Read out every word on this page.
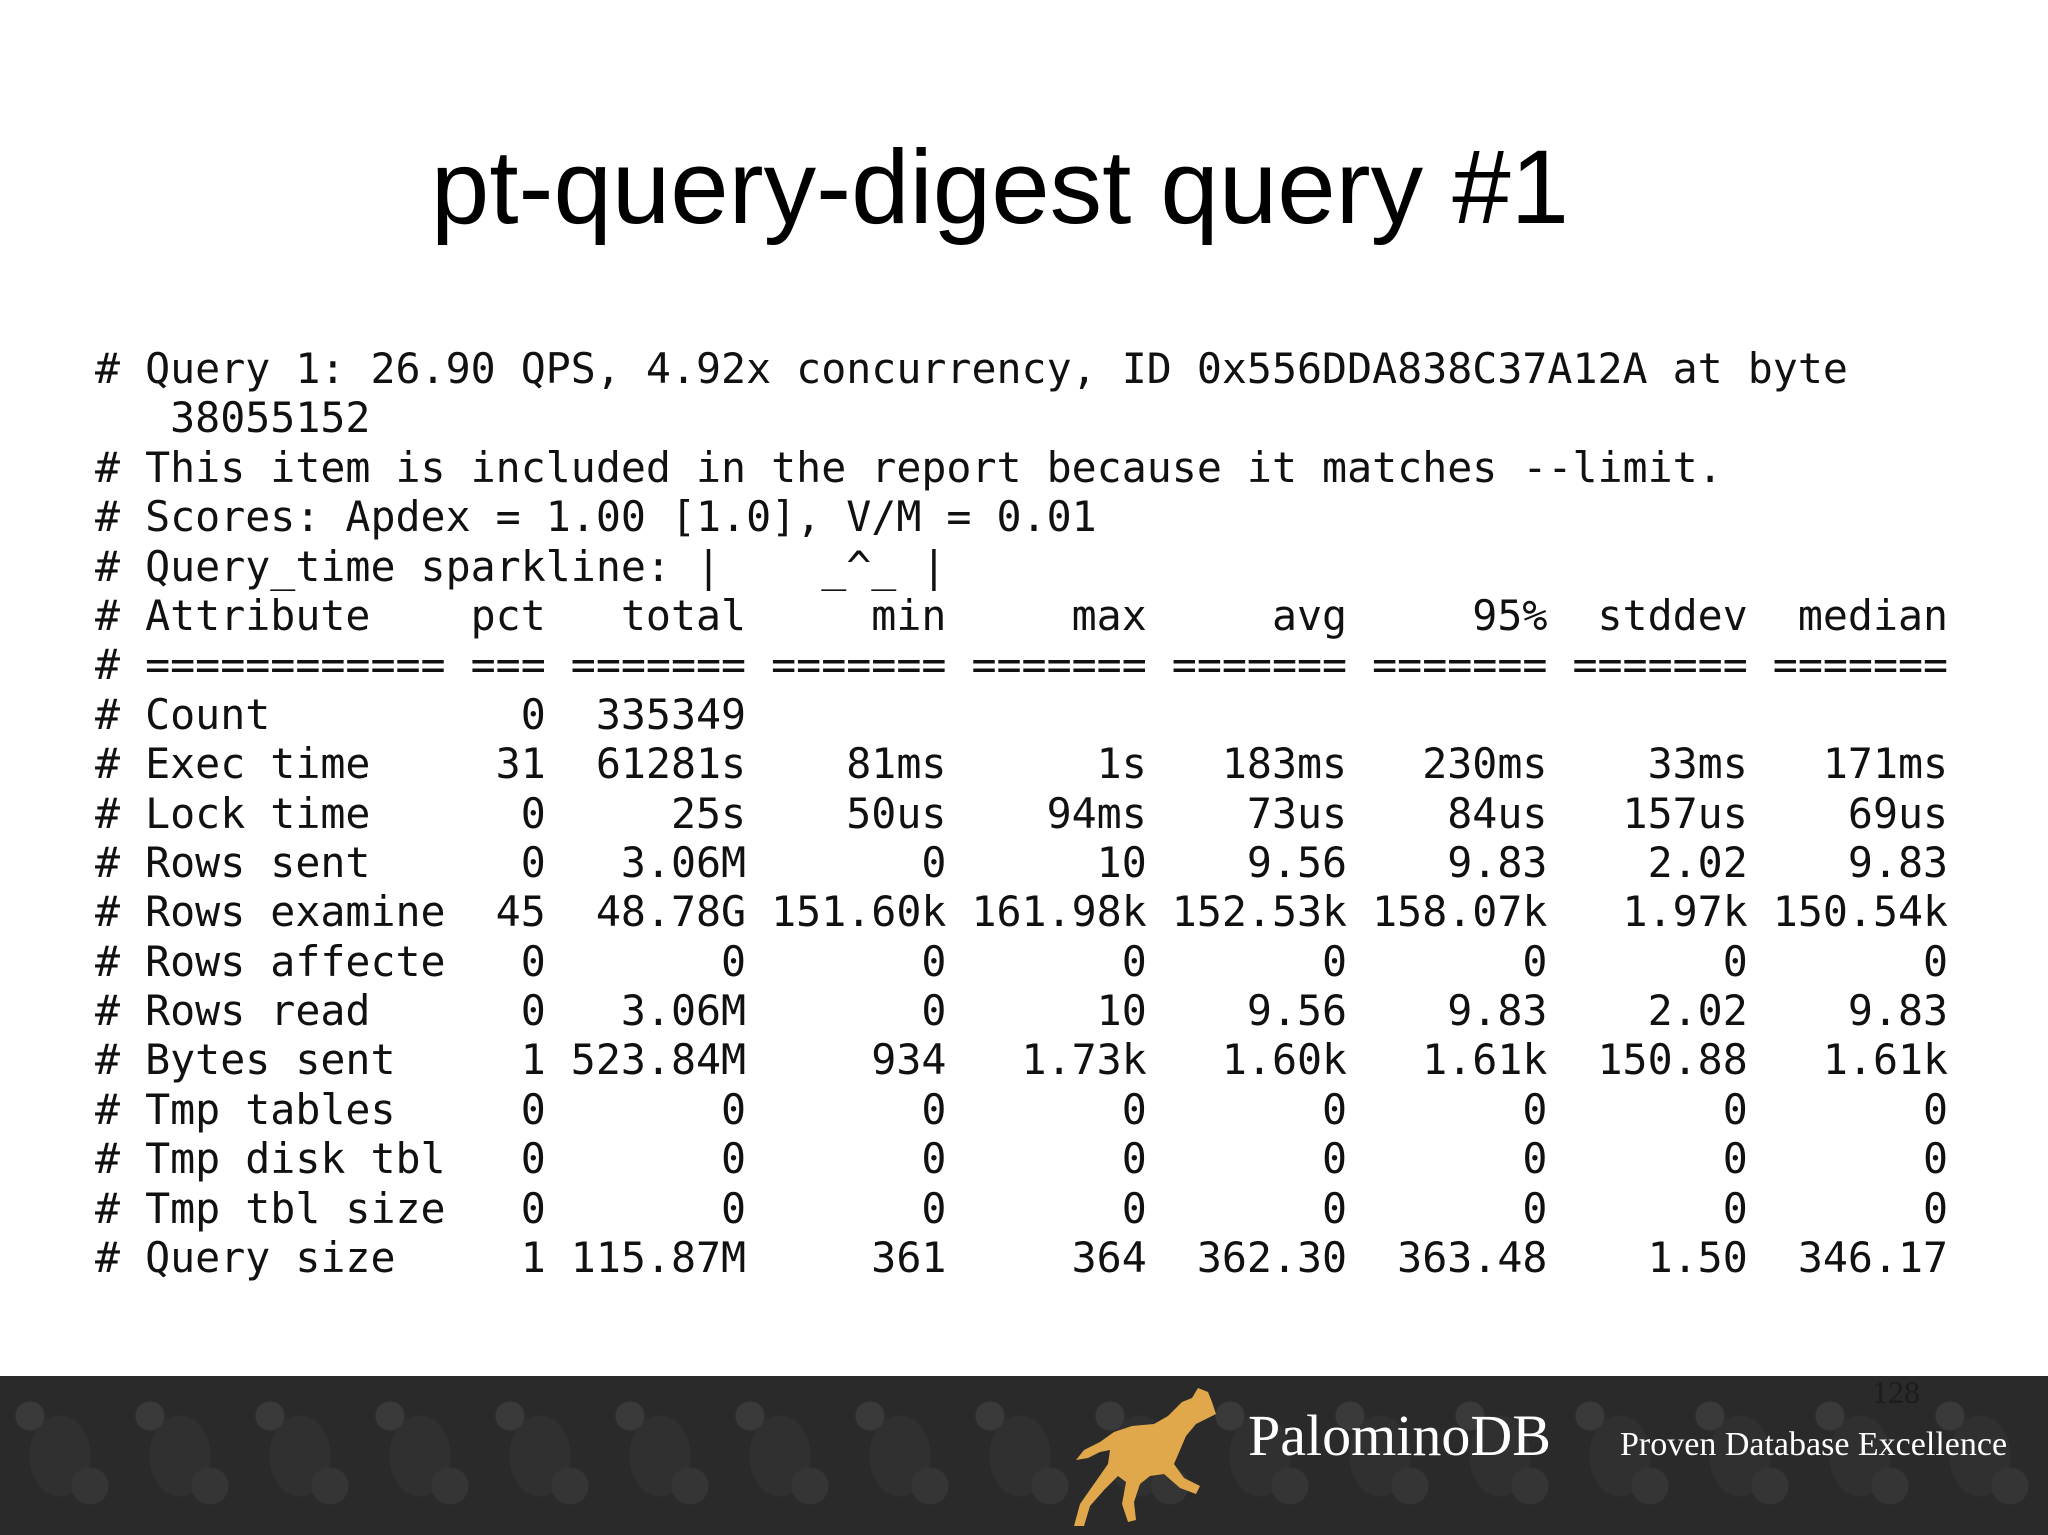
pt-query-digest query #1
# Query 1: 26.90 QPS, 4.92x concurrency, ID 0x556DDA838C37A12A at byte
38055152
# This item is included in the report because it matches --limit.
# Scores: Apdex = 1.00 [1.0], V/M = 0.01
# Query_time sparkline: |    _^_ |
# Attribute    pct   total     min     max     avg     95%  stddev  median
# ============ === ======= ======= ======= ======= ======= ======= =======
# Count          0  335349
# Exec time     31  61281s    81ms      1s   183ms   230ms    33ms   171ms
# Lock time      0     25s    50us    94ms    73us    84us   157us    69us
# Rows sent      0   3.06M       0      10    9.56    9.83    2.02    9.83
# Rows examine  45  48.78G 151.60k 161.98k 152.53k 158.07k   1.97k 150.54k
# Rows affecte   0       0       0       0       0       0       0       0
# Rows read      0   3.06M       0      10    9.56    9.83    2.02    9.83
# Bytes sent     1 523.84M     934   1.73k   1.60k   1.61k  150.88   1.61k
# Tmp tables     0       0       0       0       0       0       0       0
# Tmp disk tbl   0       0       0       0       0       0       0       0
# Tmp tbl size   0       0       0       0       0       0       0       0
# Query size     1 115.87M     361     364  362.30  363.48    1.50  346.17
128
PalominoDB Proven Database Excellence
